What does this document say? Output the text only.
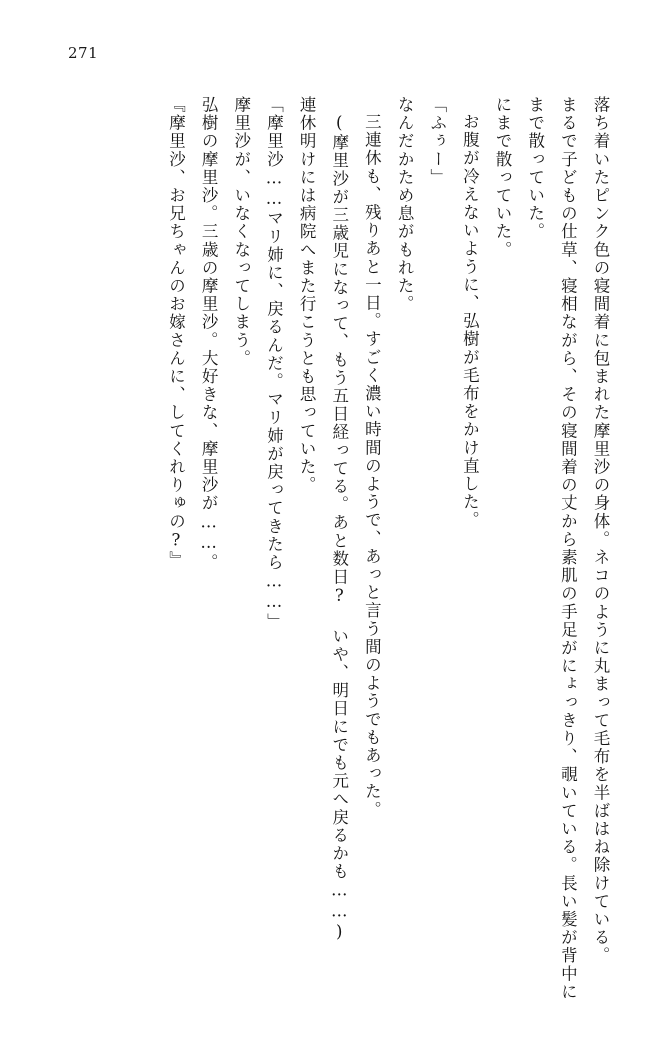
271

落ち着いたピンク色の寝間着に包まれた摩里沙の身体。ネコのように丸まって毛布を半ばはね除けている。

まるで子どもの仕草、寝相ながら、その寝間着の丈から素肌の手足がにょっきり、覗いている。長い髪が背中にまで散っていた。

にまで散っていた。

お腹が冷えないように、弘樹が毛布をかけ直した。

「ふぅー」

なんだかため息がもれた。

三連休も、残りあと一日。すごく濃い時間のようで、あっと言う間のようでもあった。

(摩里沙が三歳児になって、もう五日経ってる。あと数日? いや、明日にでも元へ戻るかも……)

連休明けには病院へまた行こうとも思っていた。

「摩里沙……マリ姉に、戻るんだ。マリ姉が戻ってきたら……」

摩里沙が、いなくなってしまう。

弘樹の摩里沙。三歳の摩里沙。大好きな、摩里沙が……。

『摩里沙、お兄ちゃんのお嫁さんに、してくれりゅの?』
